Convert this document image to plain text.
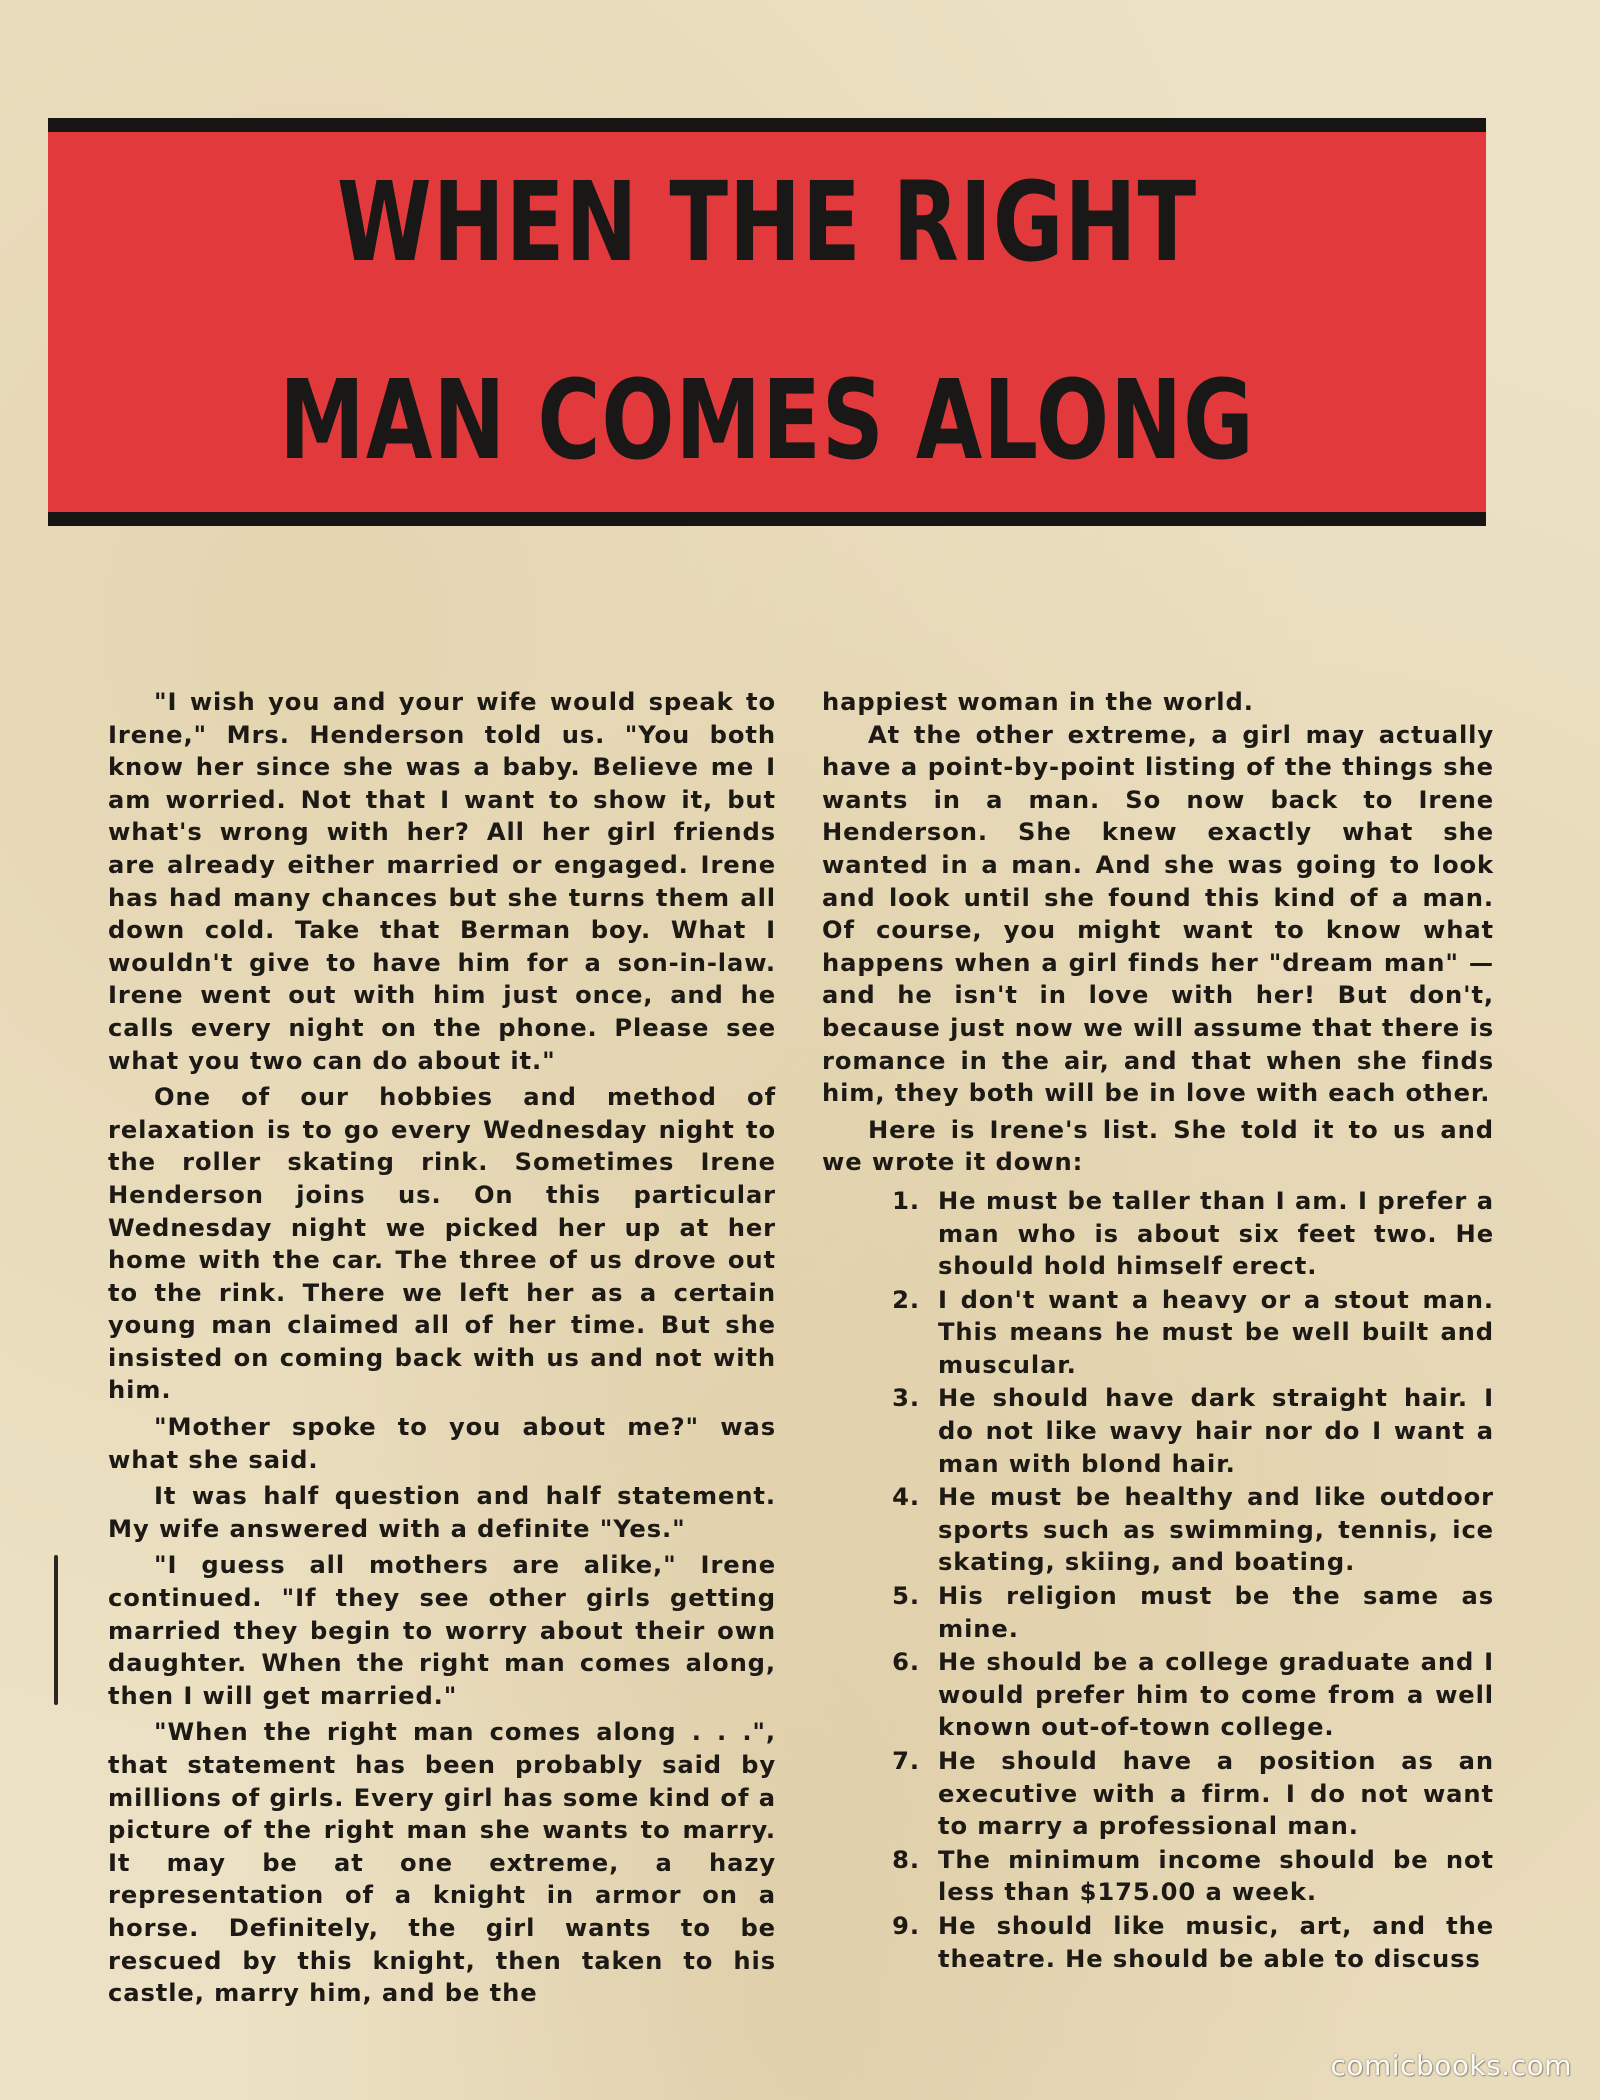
WHEN THE RIGHT
MAN COMES ALONG

"I wish you and your wife would speak to Irene," Mrs. Henderson told us. "You both know her since she was a baby. Believe me I am worried. Not that I want to show it, but what's wrong with her? All her girl friends are already either married or engaged. Irene has had many chances but she turns them all down cold. Take that Berman boy. What I wouldn't give to have him for a son-in-law. Irene went out with him just once, and he calls every night on the phone. Please see what you two can do about it."

One of our hobbies and method of relaxation is to go every Wednesday night to the roller skating rink. Sometimes Irene Henderson joins us. On this particular Wednesday night we picked her up at her home with the car. The three of us drove out to the rink. There we left her as a certain young man claimed all of her time. But she insisted on coming back with us and not with him.

"Mother spoke to you about me?" was what she said.

It was half question and half statement. My wife answered with a definite "Yes."

"I guess all mothers are alike," Irene continued. "If they see other girls getting married they begin to worry about their own daughter. When the right man comes along, then I will get married."

"When the right man comes along . . .", that statement has been probably said by millions of girls. Every girl has some kind of a picture of the right man she wants to marry. It may be at one extreme, a hazy representation of a knight in armor on a horse. Definitely, the girl wants to be rescued by this knight, then taken to his castle, marry him, and be the

happiest woman in the world.

At the other extreme, a girl may actually have a point-by-point listing of the things she wants in a man. So now back to Irene Henderson. She knew exactly what she wanted in a man. And she was going to look and look until she found this kind of a man. Of course, you might want to know what happens when a girl finds her "dream man" — and he isn't in love with her! But don't, because just now we will assume that there is romance in the air, and that when she finds him, they both will be in love with each other.

Here is Irene's list. She told it to us and we wrote it down:

1. He must be taller than I am. I prefer a man who is about six feet two. He should hold himself erect.
2. I don't want a heavy or a stout man. This means he must be well built and muscular.
3. He should have dark straight hair. I do not like wavy hair nor do I want a man with blond hair.
4. He must be healthy and like outdoor sports such as swimming, tennis, ice skating, skiing, and boating.
5. His religion must be the same as mine.
6. He should be a college graduate and I would prefer him to come from a well known out-of-town college.
7. He should have a position as an executive with a firm. I do not want to marry a professional man.
8. The minimum income should be not less than $175.00 a week.
9. He should like music, art, and the theatre. He should be able to discuss
comicbooks.com
